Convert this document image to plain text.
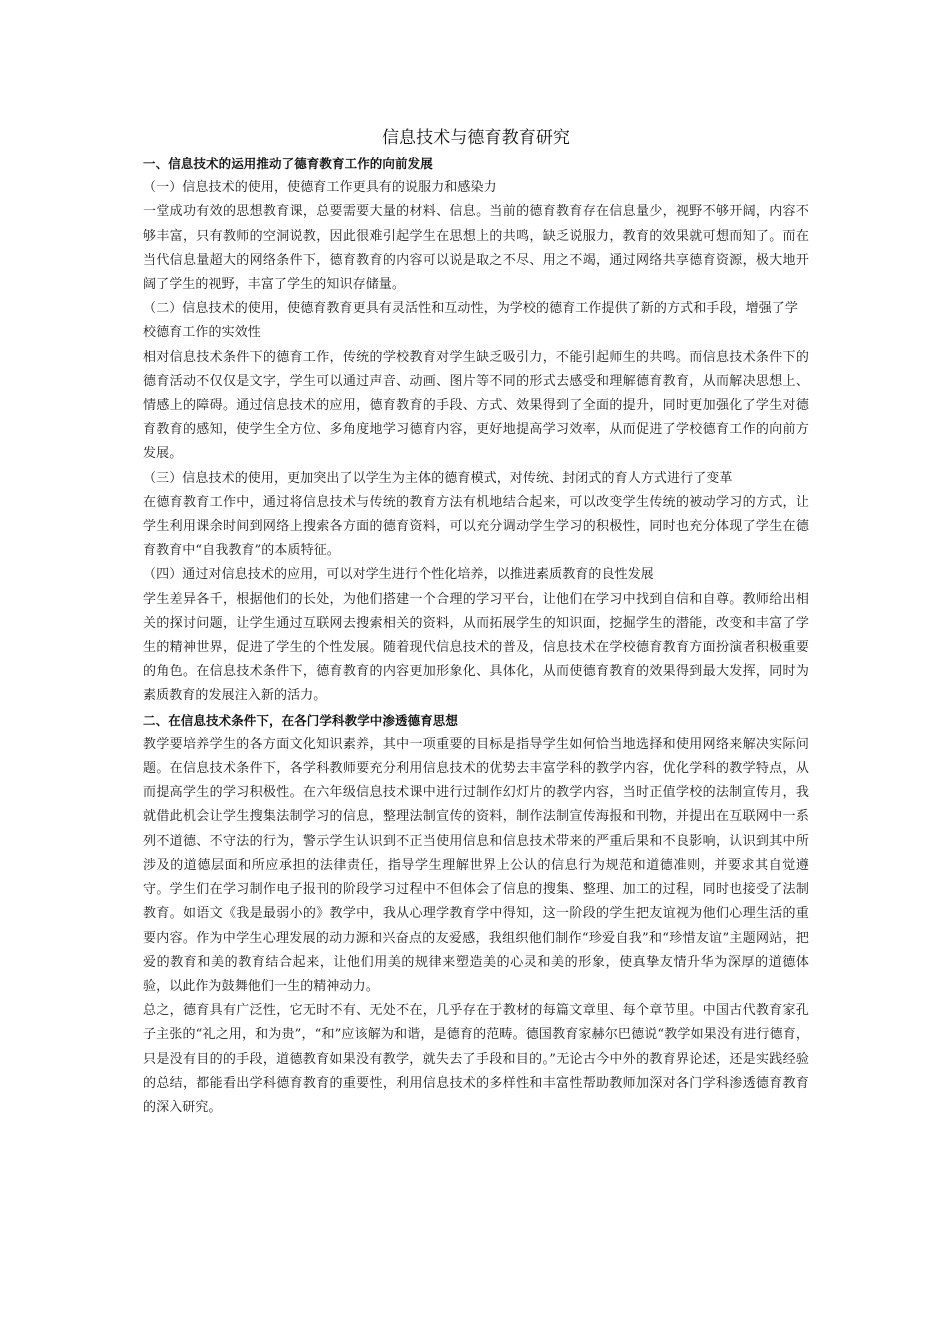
信息技术与德育教育研究
一、信息技术的运用推动了德育教育工作的向前发展
（一）信息技术的使用，使德育工作更具有的说服力和感染力
一堂成功有效的思想教育课，总要需要大量的材料、信息。当前的德育教育存在信息量少，视野不够开阔，内容不够丰富，只有教师的空洞说教，因此很难引起学生在思想上的共鸣，缺乏说服力，教育的效果就可想而知了。而在当代信息量超大的网络条件下，德育教育的内容可以说是取之不尽、用之不竭，通过网络共享德育资源，极大地开阔了学生的视野，丰富了学生的知识存储量。
（二）信息技术的使用，使德育教育更具有灵活性和互动性，为学校的德育工作提供了新的方式和手段，增强了学校德育工作的实效性
相对信息技术条件下的德育工作，传统的学校教育对学生缺乏吸引力，不能引起师生的共鸣。而信息技术条件下的德育活动不仅仅是文字，学生可以通过声音、动画、图片等不同的形式去感受和理解德育教育，从而解决思想上、情感上的障碍。通过信息技术的应用，德育教育的手段、方式、效果得到了全面的提升，同时更加强化了学生对德育教育的感知，使学生全方位、多角度地学习德育内容，更好地提高学习效率，从而促进了学校德育工作的向前方发展。
（三）信息技术的使用，更加突出了以学生为主体的德育模式，对传统、封闭式的育人方式进行了变革
在德育教育工作中，通过将信息技术与传统的教育方法有机地结合起来，可以改变学生传统的被动学习的方式，让学生利用课余时间到网络上搜索各方面的德育资料，可以充分调动学生学习的积极性，同时也充分体现了学生在德育教育中“自我教育”的本质特征。
（四）通过对信息技术的应用，可以对学生进行个性化培养，以推进素质教育的良性发展
学生差异各千，根据他们的长处，为他们搭建一个合理的学习平台，让他们在学习中找到自信和自尊。教师给出相关的探讨问题，让学生通过互联网去搜索相关的资料，从而拓展学生的知识面，挖掘学生的潜能，改变和丰富了学生的精神世界，促进了学生的个性发展。随着现代信息技术的普及，信息技术在学校德育教育方面扮演者积极重要的角色。在信息技术条件下，德育教育的内容更加形象化、具体化，从而使德育教育的效果得到最大发挥，同时为素质教育的发展注入新的活力。
二、在信息技术条件下，在各门学科教学中渗透德育思想
教学要培养学生的各方面文化知识素养，其中一项重要的目标是指导学生如何恰当地选择和使用网络来解决实际问题。在信息技术条件下，各学科教师要充分利用信息技术的优势去丰富学科的教学内容，优化学科的教学特点，从而提高学生的学习积极性。在六年级信息技术课中进行过制作幻灯片的教学内容，当时正值学校的法制宣传月，我就借此机会让学生搜集法制学习的信息，整理法制宣传的资料，制作法制宣传海报和刊物，并提出在互联网中一系列不道德、不守法的行为，警示学生认识到不正当使用信息和信息技术带来的严重后果和不良影响，认识到其中所涉及的道德层面和所应承担的法律责任，指导学生理解世界上公认的信息行为规范和道德准则，并要求其自觉遵守。学生们在学习制作电子报刊的阶段学习过程中不但体会了信息的搜集、整理、加工的过程，同时也接受了法制教育。如语文《我是最弱小的》教学中，我从心理学教育学中得知，这一阶段的学生把友谊视为他们心理生活的重要内容。作为中学生心理发展的动力源和兴奋点的友爱感，我组织他们制作“珍爱自我”和“珍惜友谊”主题网站，把爱的教育和美的教育结合起来，让他们用美的规律来塑造美的心灵和美的形象，使真挚友情升华为深厚的道德体验，以此作为鼓舞他们一生的精神动力。
总之，德育具有广泛性，它无时不有、无处不在，几乎存在于教材的每篇文章里、每个章节里。中国古代教育家孔子主张的“礼之用，和为贵”，“和”应该解为和谐，是德育的范畴。德国教育家赫尔巴德说“教学如果没有进行德育，只是没有目的的手段，道德教育如果没有教学，就失去了手段和目的。”无论古今中外的教育界论述，还是实践经验的总结，都能看出学科德育教育的重要性，利用信息技术的多样性和丰富性帮助教师加深对各门学科渗透德育教育的深入研究。
